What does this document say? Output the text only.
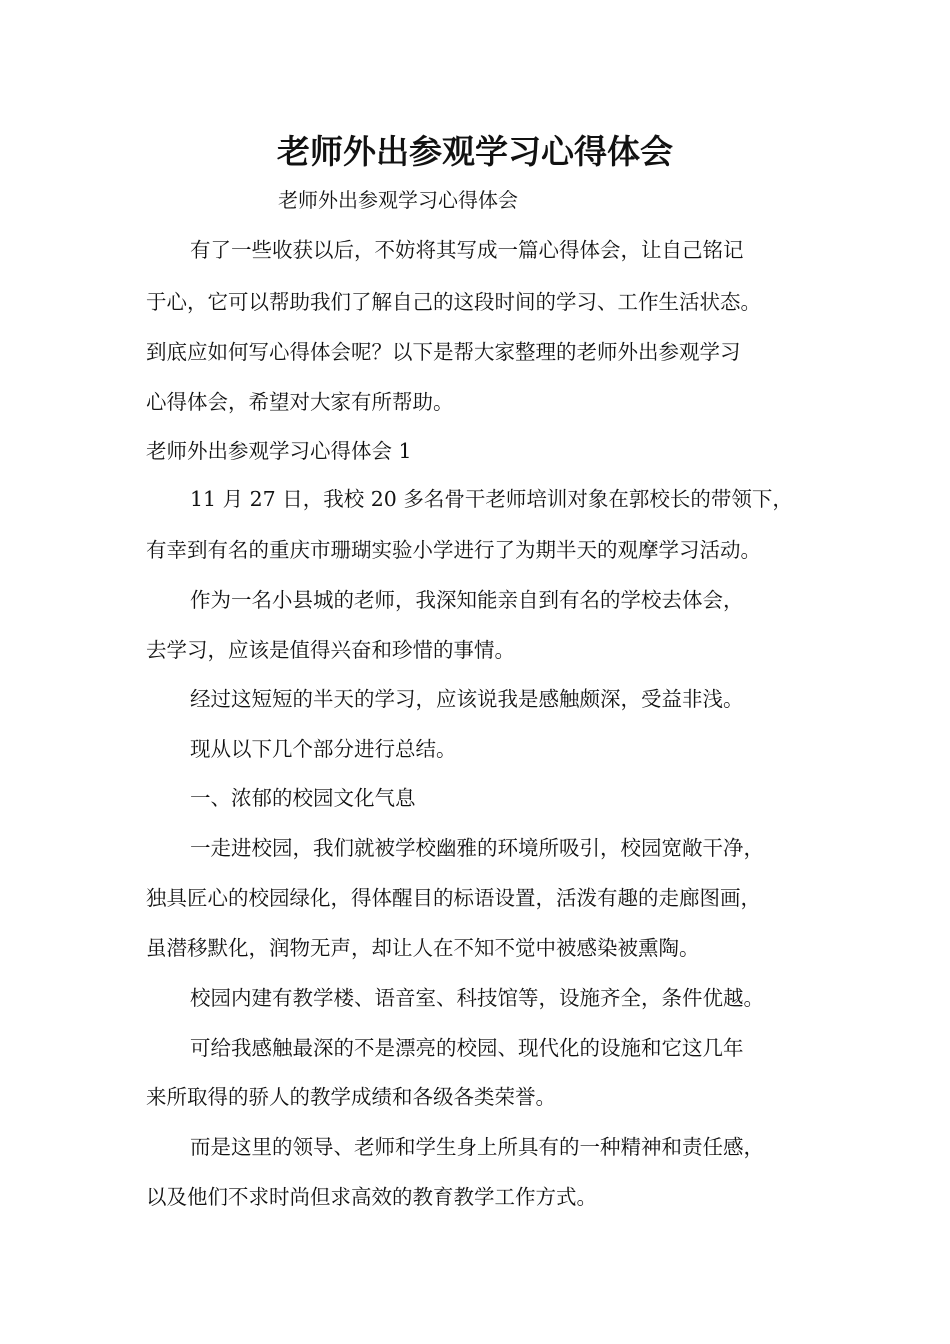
老师外出参观学习心得体会
老师外出参观学习心得体会
有了一些收获以后，不妨将其写成一篇心得体会，让自己铭记
于心，它可以帮助我们了解自己的这段时间的学习、工作生活状态。
到底应如何写心得体会呢？以下是帮大家整理的老师外出参观学习
心得体会，希望对大家有所帮助。
老师外出参观学习心得体会 1
11 月 27 日，我校 20 多名骨干老师培训对象在郭校长的带领下，
有幸到有名的重庆市珊瑚实验小学进行了为期半天的观摩学习活动。
作为一名小县城的老师，我深知能亲自到有名的学校去体会，
去学习，应该是值得兴奋和珍惜的事情。
经过这短短的半天的学习，应该说我是感触颇深，受益非浅。
现从以下几个部分进行总结。
一、浓郁的校园文化气息
一走进校园，我们就被学校幽雅的环境所吸引，校园宽敞干净，
独具匠心的校园绿化，得体醒目的标语设置，活泼有趣的走廊图画，
虽潜移默化，润物无声，却让人在不知不觉中被感染被熏陶。
校园内建有教学楼、语音室、科技馆等，设施齐全，条件优越。
可给我感触最深的不是漂亮的校园、现代化的设施和它这几年
来所取得的骄人的教学成绩和各级各类荣誉。
而是这里的领导、老师和学生身上所具有的一种精神和责任感，
以及他们不求时尚但求高效的教育教学工作方式。
